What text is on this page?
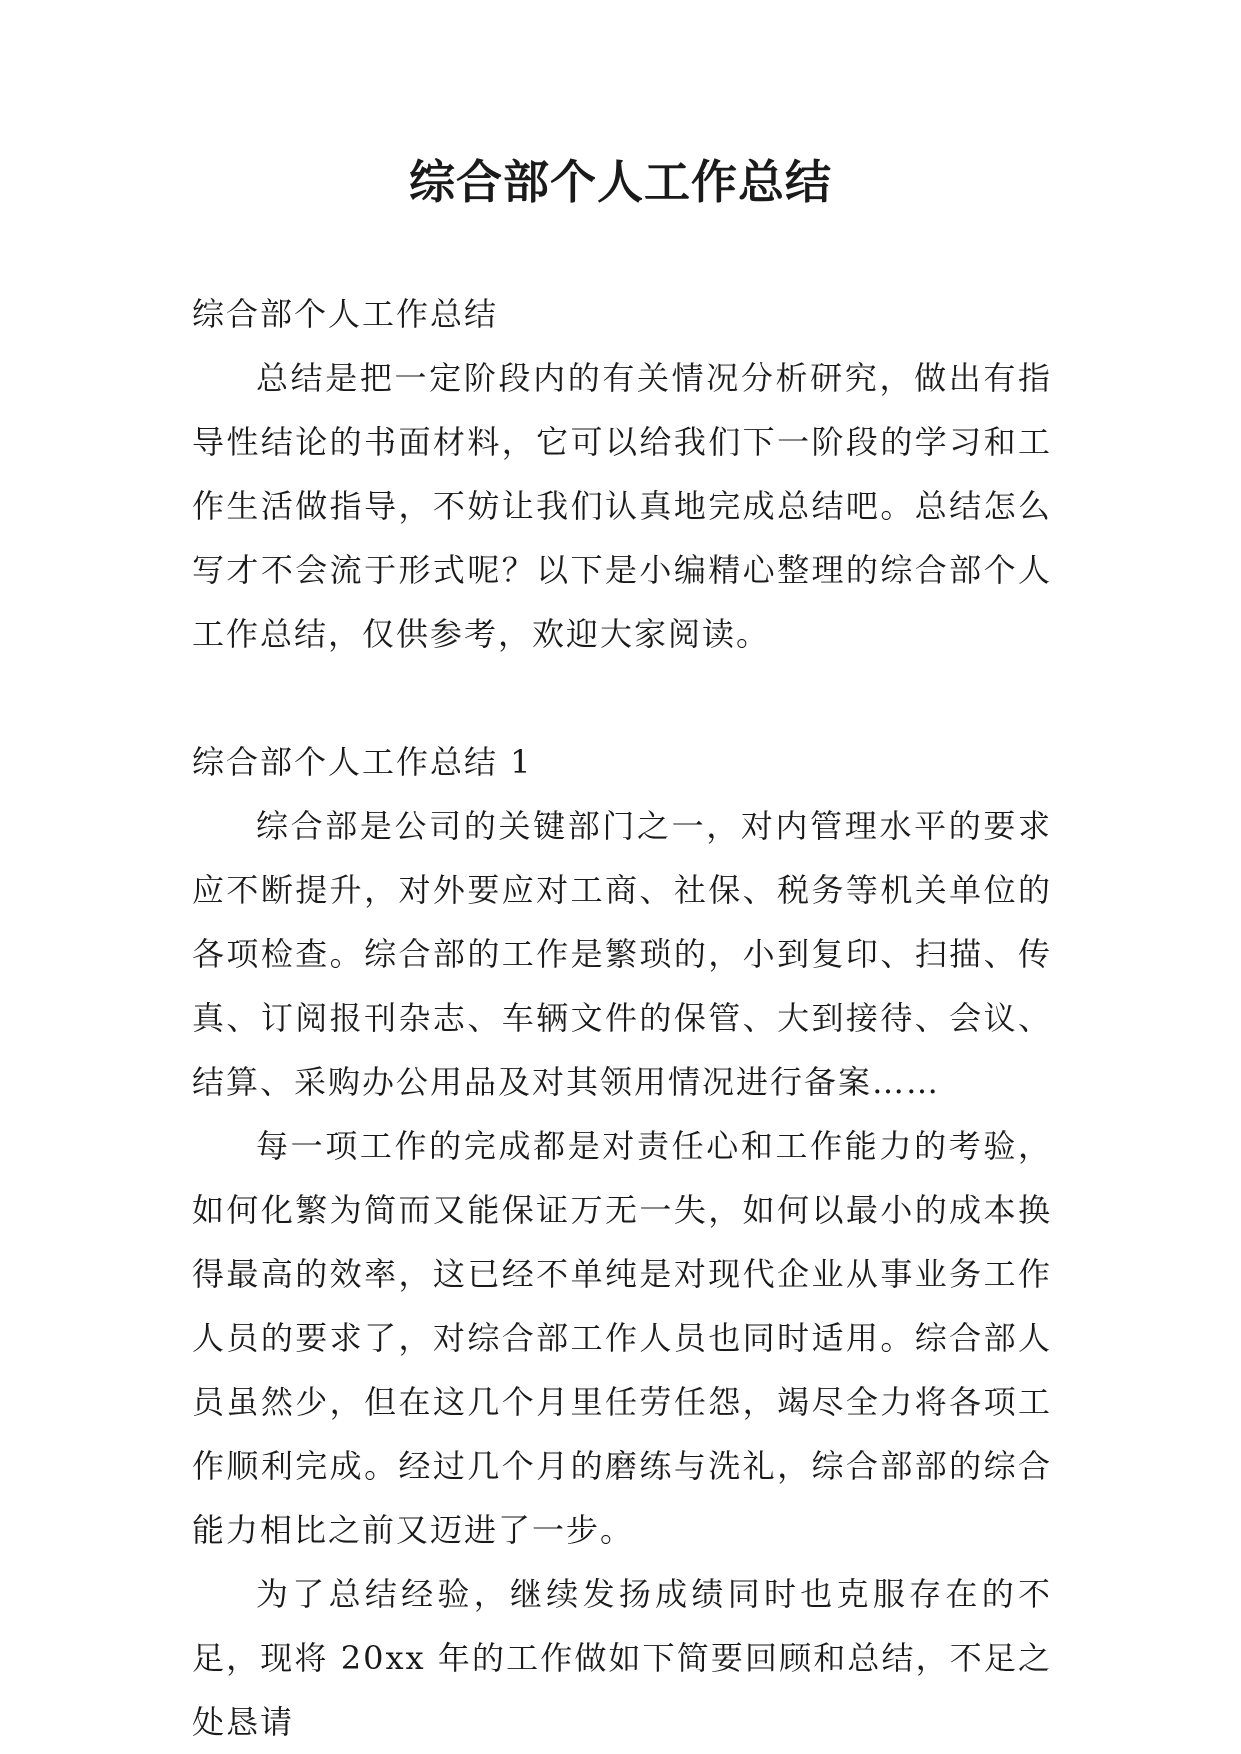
综合部个人工作总结
综合部个人工作总结

总结是把一定阶段内的有关情况分析研究，做出有指导性结论的书面材料，它可以给我们下一阶段的学习和工作生活做指导，不妨让我们认真地完成总结吧。总结怎么写才不会流于形式呢？以下是小编精心整理的综合部个人工作总结，仅供参考，欢迎大家阅读。

综合部个人工作总结 1

综合部是公司的关键部门之一，对内管理水平的要求应不断提升，对外要应对工商、社保、税务等机关单位的各项检查。综合部的工作是繁琐的，小到复印、扫描、传真、订阅报刊杂志、车辆文件的保管、大到接待、会议、结算、采购办公用品及对其领用情况进行备案……

每一项工作的完成都是对责任心和工作能力的考验，如何化繁为简而又能保证万无一失，如何以最小的成本换得最高的效率，这已经不单纯是对现代企业从事业务工作人员的要求了，对综合部工作人员也同时适用。综合部人员虽然少，但在这几个月里任劳任怨，竭尽全力将各项工作顺利完成。经过几个月的磨练与洗礼，综合部部的综合能力相比之前又迈进了一步。

为了总结经验，继续发扬成绩同时也克服存在的不足，现将 20xx 年的工作做如下简要回顾和总结，不足之处恳请
